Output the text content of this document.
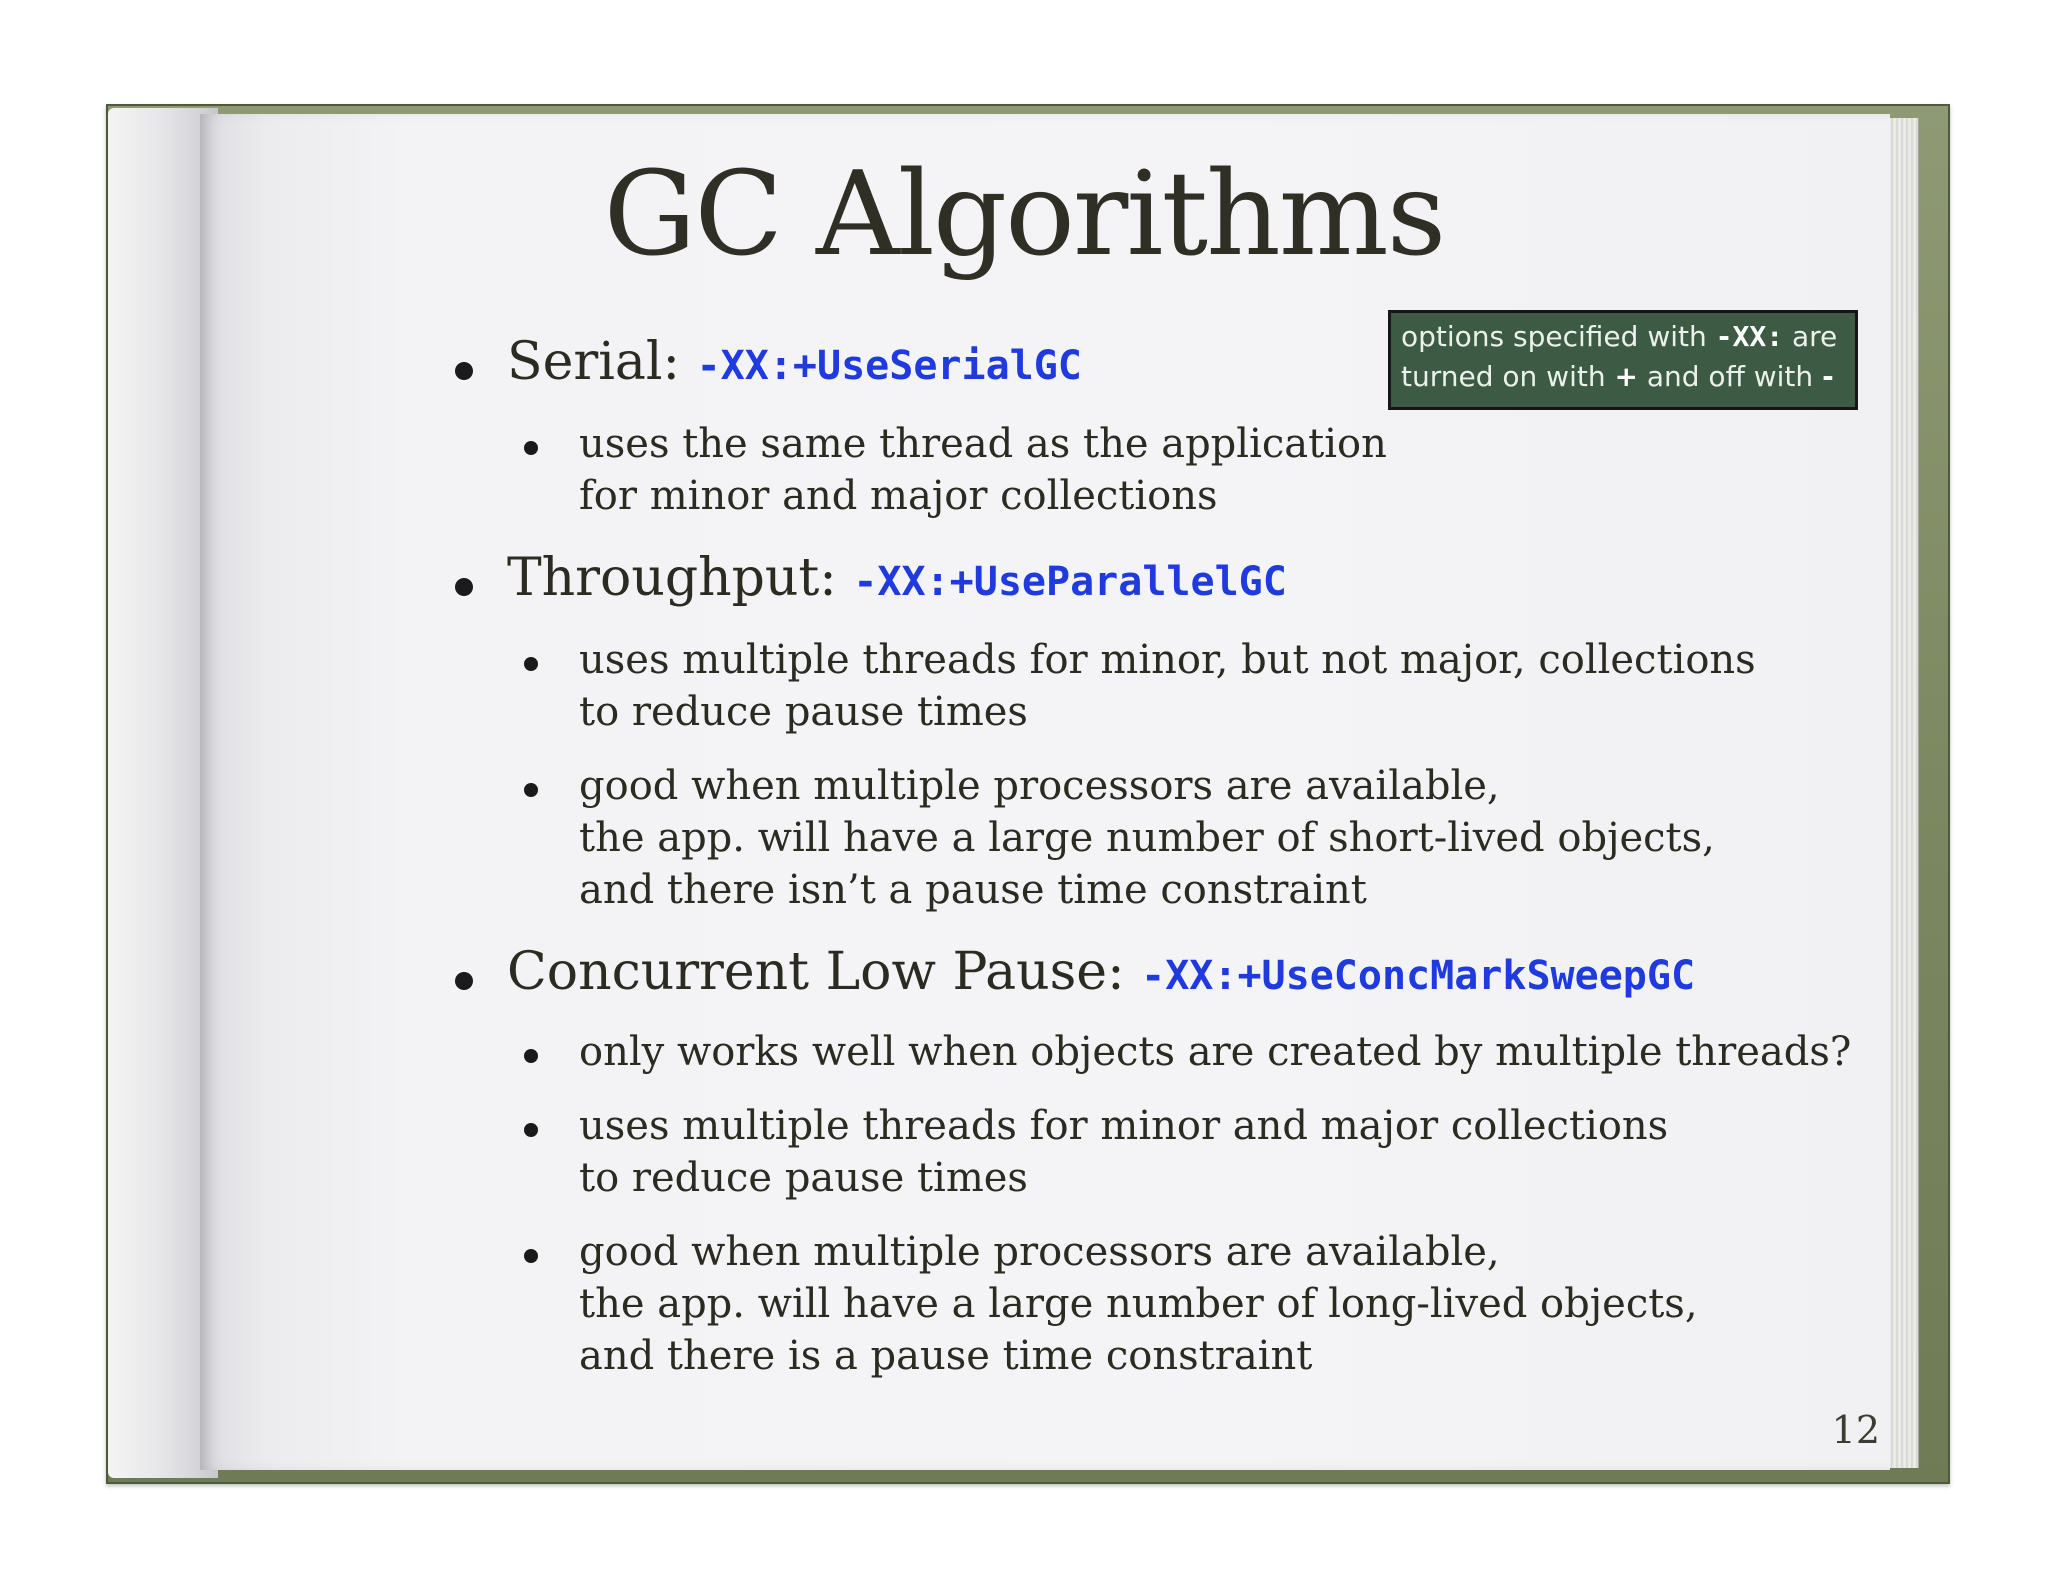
GC Algorithms
options specified with -XX: are
turned on with + and off with -
Serial: -XX:+UseSerialGC
uses the same thread as the application
for minor and major collections
Throughput: -XX:+UseParallelGC
uses multiple threads for minor, but not major, collections
to reduce pause times
good when multiple processors are available,
the app. will have a large number of short-lived objects,
and there isn’t a pause time constraint
Concurrent Low Pause: -XX:+UseConcMarkSweepGC
only works well when objects are created by multiple threads?
uses multiple threads for minor and major collections
to reduce pause times
good when multiple processors are available,
the app. will have a large number of long-lived objects,
and there is a pause time constraint
12
